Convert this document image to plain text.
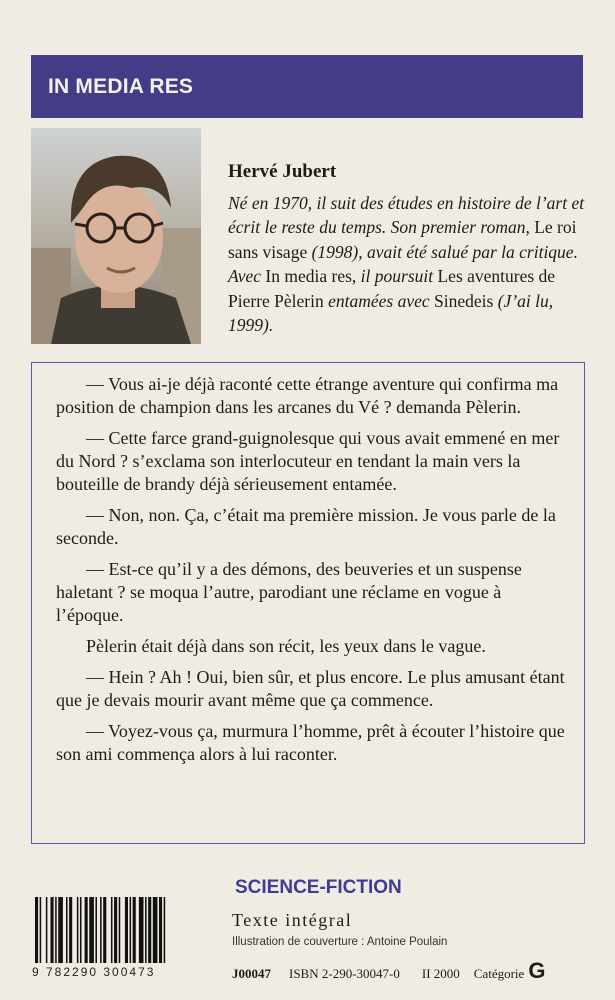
IN MEDIA RES
Hervé Jubert

Né en 1970, il suit des études en histoire de l’art et écrit le reste du temps. Son premier roman, Le roi sans visage (1998), avait été salué par la critique. Avec In media res, il poursuit Les aventures de Pierre Pèlerin entamées avec Sinedeis (J’ai lu, 1999).

— Vous ai-je déjà raconté cette étrange aventure qui confirma ma position de champion dans les arcanes du Vé ? demanda Pèlerin.

— Cette farce grand-guignolesque qui vous avait emmené en mer du Nord ? s’exclama son interlocuteur en tendant la main vers la bouteille de brandy déjà sérieusement entamée.

— Non, non. Ça, c’était ma première mission. Je vous parle de la seconde.

— Est-ce qu’il y a des démons, des beuveries et un suspense haletant ? se moqua l’autre, parodiant une réclame en vogue à l’époque.

Pèlerin était déjà dans son récit, les yeux dans le vague.

— Hein ? Ah ! Oui, bien sûr, et plus encore. Le plus amusant étant que je devais mourir avant même que ça commence.

— Voyez-vous ça, murmura l’homme, prêt à écouter l’histoire que son ami commença alors à lui raconter.

SCIENCE-FICTION
9 782290 300473
Texte intégral
Illustration de couverture : Antoine Poulain
J00047 ISBN 2-290-30047-0 II 2000 Catégorie G
